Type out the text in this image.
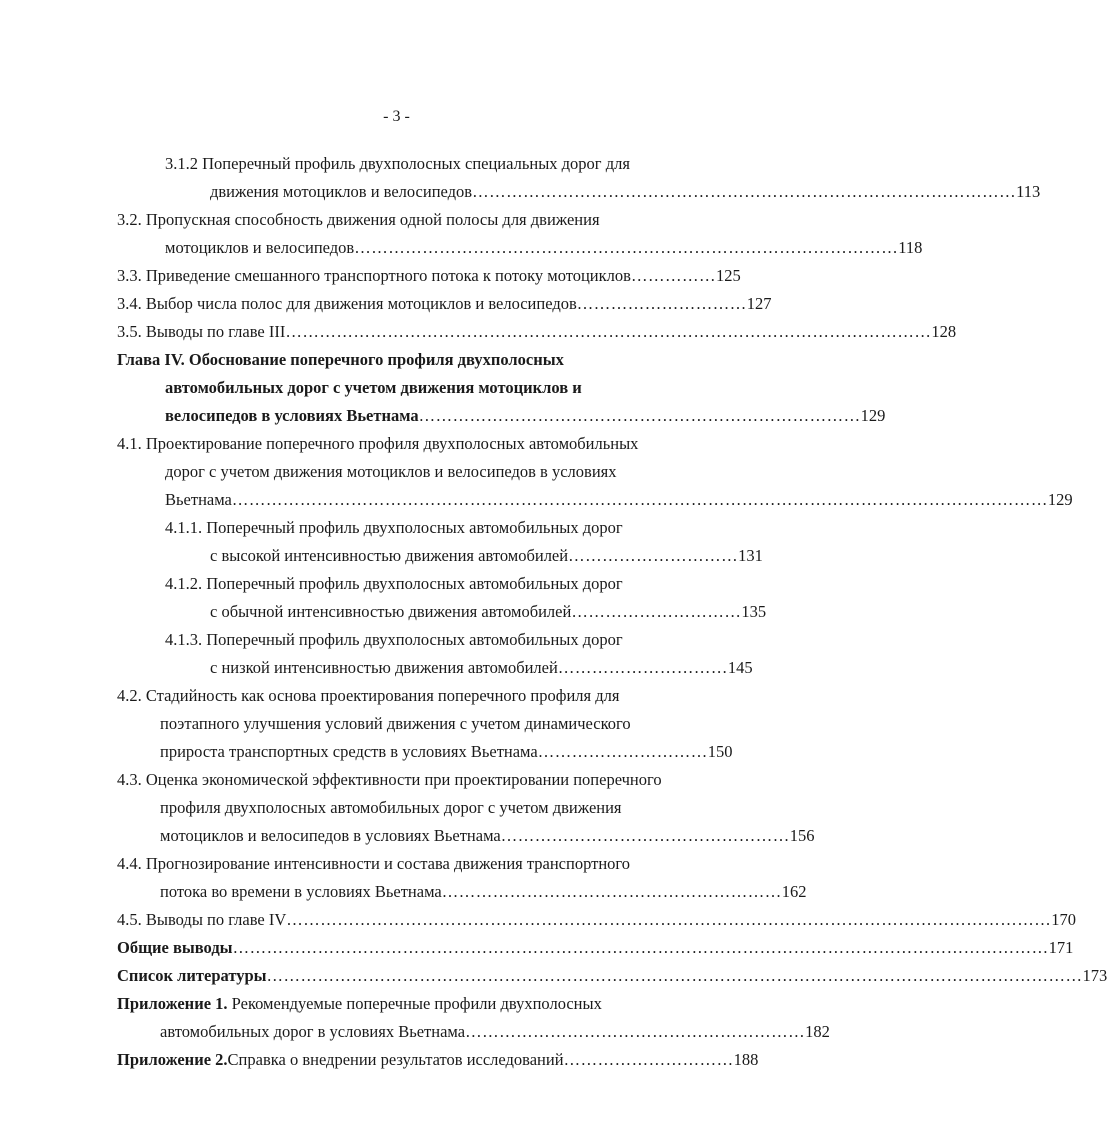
- 3 -
3.1.2 Поперечный профиль двухполосных специальных дорог для
движения мотоциклов и велосипедов …………………………………………………………………………………… 113
3.2. Пропускная способность движения одной полосы для движения
мотоциклов и велосипедов …………………………………………………………………………………… 118
3.3. Приведение смешанного транспортного потока к потоку мотоциклов …………… 125
3.4. Выбор числа полос для движения мотоциклов и велосипедов ………………………… 127
3.5. Выводы по главе III …………………………………………………………………………………………………… 128
Глава IV. Обоснование поперечного профиля двухполосных
автомобильных дорог с учетом движения мотоциклов и
велосипедов в условиях Вьетнама …………………………………………………………………… 129
4.1. Проектирование поперечного профиля двухполосных автомобильных
дорог с учетом движения мотоциклов и велосипедов в условиях
Вьетнама ……………………………………………………………………………………………………………………………… 129
4.1.1. Поперечный профиль двухполосных автомобильных дорог
с высокой интенсивностью движения автомобилей ………………………… 131
4.1.2. Поперечный профиль двухполосных автомобильных дорог
с обычной интенсивностью движения автомобилей ………………………… 135
4.1.3. Поперечный профиль двухполосных автомобильных дорог
с низкой интенсивностью движения автомобилей ………………………… 145
4.2. Стадийность как основа проектирования поперечного профиля для
поэтапного улучшения условий движения с учетом динамического
прироста транспортных средств в условиях Вьетнама ………………………… 150
4.3. Оценка экономической эффективности при проектировании поперечного
профиля двухполосных автомобильных дорог с учетом движения
мотоциклов и велосипедов в условиях Вьетнама …………………………………………… 156
4.4. Прогнозирование интенсивности и состава движения транспортного
потока во времени в условиях Вьетнама …………………………………………………… 162
4.5. Выводы по главе IV ……………………………………………………………………………………………………………………… 170
Общие выводы ……………………………………………………………………………………………………………………………… 171
Список литературы ……………………………………………………………………………………………………………………………… 173
Приложение 1. Рекомендуемые поперечные профили двухполосных
автомобильных дорог в условиях Вьетнама …………………………………………………… 182
Приложение 2. Справка о внедрении результатов исследований ………………………… 188
